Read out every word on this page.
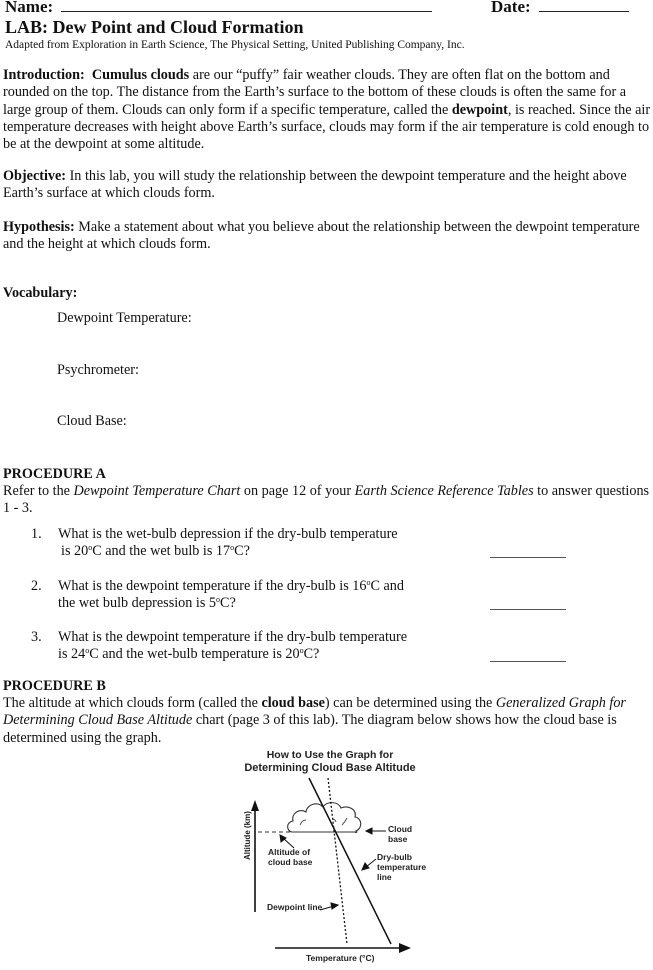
Name:	Date:
LAB: Dew Point and Cloud Formation
Adapted from Exploration in Earth Science, The Physical Setting, United Publishing Company, Inc.
Introduction: Cumulus clouds are our “puffy” fair weather clouds. They are often flat on the bottom and rounded on the top. The distance from the Earth’s surface to the bottom of these clouds is often the same for a large group of them. Clouds can only form if a specific temperature, called the dewpoint, is reached. Since the air temperature decreases with height above Earth’s surface, clouds may form if the air temperature is cold enough to be at the dewpoint at some altitude.
Objective: In this lab, you will study the relationship between the dewpoint temperature and the height above Earth’s surface at which clouds form.
Hypothesis: Make a statement about what you believe about the relationship between the dewpoint temperature and the height at which clouds form.
Vocabulary:
Dewpoint Temperature:
Psychrometer:
Cloud Base:
PROCEDURE A
Refer to the Dewpoint Temperature Chart on page 12 of your Earth Science Reference Tables to answer questions 1 - 3.
1. What is the wet-bulb depression if the dry-bulb temperature
is 20$^o$C and the wet bulb is 17$^o$C?
2. What is the dewpoint temperature if the dry-bulb is 16$^o$C and
the wet bulb depression is 5$^o$C?
3. What is the dewpoint temperature if the dry-bulb temperature
is 24$^o$C and the wet-bulb temperature is 20$^o$C?
PROCEDURE B
The altitude at which clouds form (called the cloud base) can be determined using the Generalized Graph for Determining Cloud Base Altitude chart (page 3 of this lab). The diagram below shows how the cloud base is determined using the graph.
How to Use the Graph for
Determining Cloud Base Altitude
Altitude (km)	Cloud
base
Altitude of
cloud base	Dry-bulb
temperature
line
Dewpoint line
Temperature (°C)
